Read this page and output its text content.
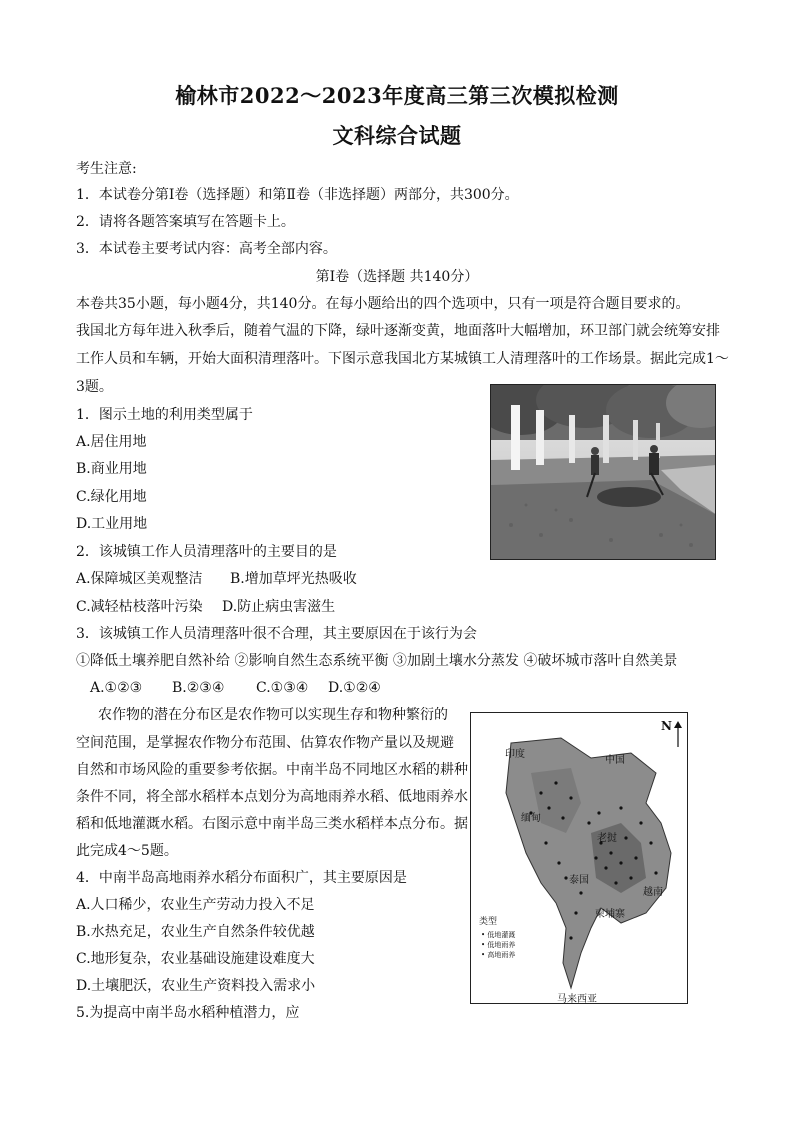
榆林市2022～2023年度高三第三次模拟检测
文科综合试题
考生注意:
1．本试卷分第Ⅰ卷（选择题）和第Ⅱ卷（非选择题）两部分，共300分。
2．请将各题答案填写在答题卡上。
3．本试卷主要考试内容：高考全部内容。
第Ⅰ卷（选择题 共140分）
本卷共35小题，每小题4分，共140分。在每小题给出的四个选项中，只有一项是符合题目要求的。
我国北方每年进入秋季后，随着气温的下降，绿叶逐渐变黄，地面落叶大幅增加，环卫部门就会统筹安排
工作人员和车辆，开始大面积清理落叶。下图示意我国北方某城镇工人清理落叶的工作场景。据此完成1～
3题。
1．图示土地的利用类型属于
A.居住用地
B.商业用地
C.绿化用地
D.工业用地
2．该城镇工作人员清理落叶的主要目的是
A.保障城区美观整洁 B.增加草坪光热吸收
C.减轻枯枝落叶污染 D.防止病虫害滋生
3．该城镇工作人员清理落叶很不合理，其主要原因在于该行为会
①降低土壤养肥自然补给 ②影响自然生态系统平衡 ③加剧土壤水分蒸发 ④破坏城市落叶自然美景
A.①②③ B.②③④ C.①③④ D.①②④
农作物的潜在分布区是农作物可以实现生存和物种繁衍的
空间范围，是掌握农作物分布范围、估算农作物产量以及规避
自然和市场风险的重要参考依据。中南半岛不同地区水稻的耕种
条件不同，将全部水稻样本点划分为高地雨养水稻、低地雨养水
稻和低地灌溉水稻。右图示意中南半岛三类水稻样本点分布。据
此完成4～5题。
4．中南半岛高地雨养水稻分布面积广，其主要原因是
A.人口稀少，农业生产劳动力投入不足
B.水热充足，农业生产自然条件较优越
C.地形复杂，农业基础设施建设难度大
D.土壤肥沃，农业生产资料投入需求小
5.为提高中南半岛水稻种植潜力，应
N
印度
中国
缅甸
老挝
泰国
越南
柬埔寨
马来西亚
类型
• 低地灌溉
• 低地雨养
• 高地雨养
